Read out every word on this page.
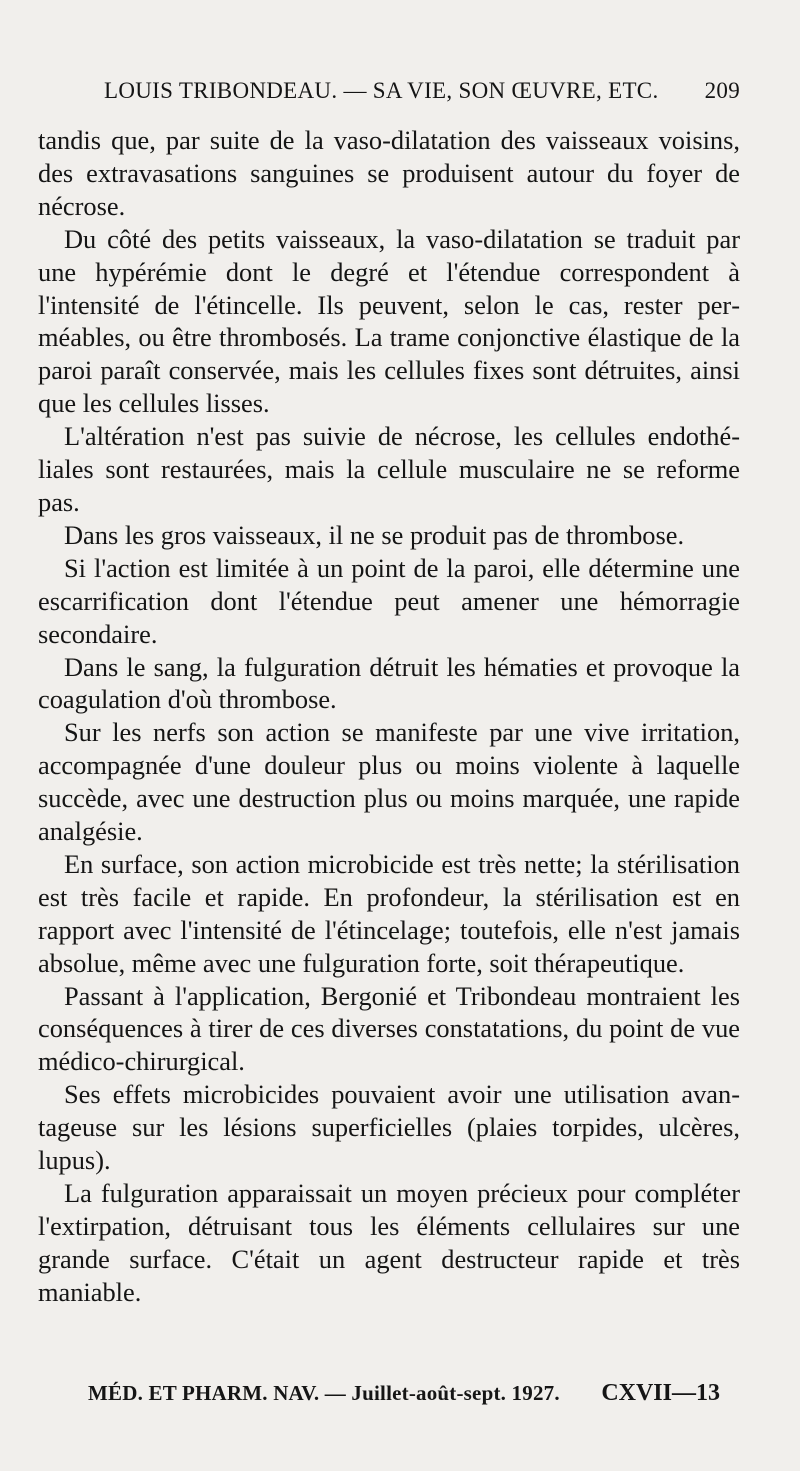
LOUIS TRIBONDEAU. — SA VIE, SON ŒUVRE, ETC. 209

tandis que, par suite de la vaso-dilatation des vaisseaux voisins, des extravasations sanguines se produisent autour du foyer de nécrose.

Du côté des petits vaisseaux, la vaso-dilatation se traduit par une hypérémie dont le degré et l'étendue correspondent à l'intensité de l'étincelle. Ils peuvent, selon le cas, rester perméables, ou être thrombosés. La trame conjonctive élastique de la paroi paraît conservée, mais les cellules fixes sont détruites, ainsi que les cellules lisses.

L'altération n'est pas suivie de nécrose, les cellules endothéliales sont restaurées, mais la cellule musculaire ne se reforme pas.

Dans les gros vaisseaux, il ne se produit pas de thrombose.

Si l'action est limitée à un point de la paroi, elle détermine une escarrification dont l'étendue peut amener une hémorragie secondaire.

Dans le sang, la fulguration détruit les hématies et provoque la coagulation d'où thrombose.

Sur les nerfs son action se manifeste par une vive irritation, accompagnée d'une douleur plus ou moins violente à laquelle succède, avec une destruction plus ou moins marquée, une rapide analgésie.

En surface, son action microbicide est très nette; la stérilisation est très facile et rapide. En profondeur, la stérilisation est en rapport avec l'intensité de l'étincelage; toutefois, elle n'est jamais absolue, même avec une fulguration forte, soit thérapeutique.

Passant à l'application, Bergonié et Tribondeau montraient les conséquences à tirer de ces diverses constatations, du point de vue médico-chirurgical.

Ses effets microbicides pouvaient avoir une utilisation avantageuse sur les lésions superficielles (plaies torpides, ulcères, lupus).

La fulguration apparaissait un moyen précieux pour compléter l'extirpation, détruisant tous les éléments cellulaires sur une grande surface. C'était un agent destructeur rapide et très maniable.

MÉD. ET PHARM. NAV. — Juillet-août-sept. 1927. CXVII—13
